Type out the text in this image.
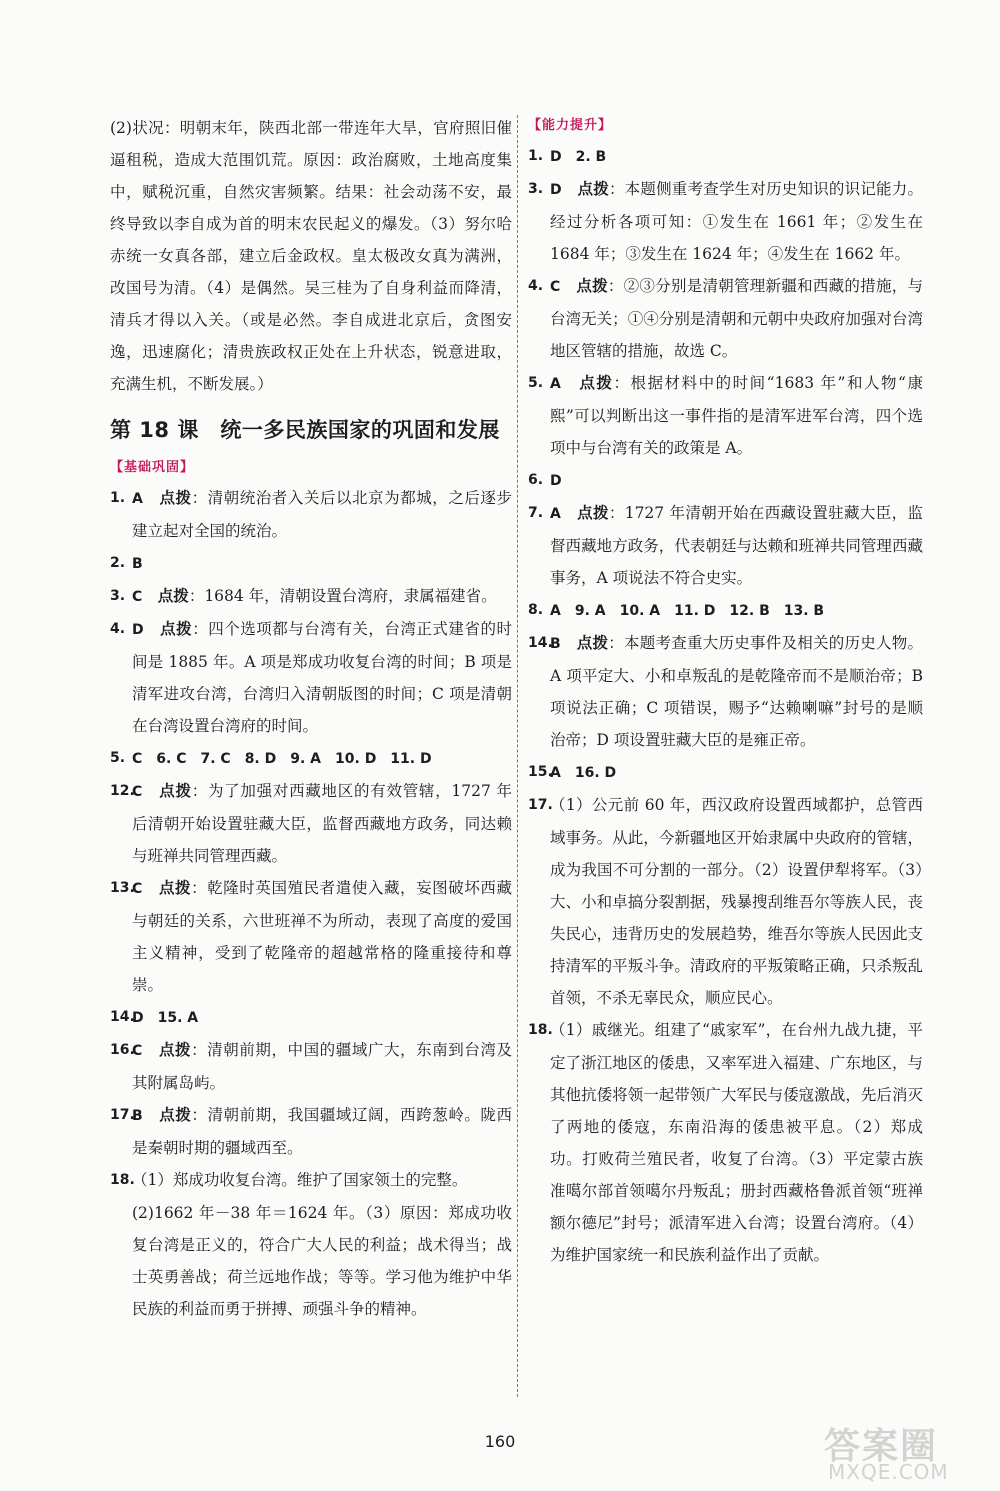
(2)状况：明朝末年，陕西北部一带连年大旱，官府照旧催逼租税，造成大范围饥荒。原因：政治腐败，土地高度集中，赋税沉重，自然灾害频繁。结果：社会动荡不安，最终导致以李自成为首的明末农民起义的爆发。（3）努尔哈赤统一女真各部，建立后金政权。皇太极改女真为满洲，改国号为清。（4）是偶然。吴三桂为了自身利益而降清，清兵才得以入关。（或是必然。李自成进北京后，贪图安逸，迅速腐化；清贵族政权正处在上升状态，锐意进取，充满生机，不断发展。）

第 18 课　统一多民族国家的巩固和发展
【基础巩固】

1. A　 点拨：清朝统治者入关后以北京为都城，之后逐步建立起对全国的统治。

2. B

3. C　 点拨：1684 年，清朝设置台湾府，隶属福建省。

4. D　 点拨：四个选项都与台湾有关，台湾正式建省的时间是 1885 年。A 项是郑成功收复台湾的时间；B 项是清军进攻台湾，台湾归入清朝版图的时间；C 项是清朝在台湾设置台湾府的时间。

5. C　6. C　7. C　8. D　9. A　10. D　11. D

12.
C　 点拨：为了加强对西藏地区的有效管辖，1727 年后清朝开始设置驻藏大臣，监督西藏地方政务，同达赖与班禅共同管理西藏。

13.
C　 点拨：乾隆时英国殖民者遣使入藏，妄图破坏西藏与朝廷的关系，六世班禅不为所动，表现了高度的爱国主义精神，受到了乾隆帝的超越常格的隆重接待和尊崇。

14.
D　15. A

16.
C　 点拨：清朝前期，中国的疆域广大，东南到台湾及其附属岛屿。

17.
B　 点拨：清朝前期，我国疆域辽阔，西跨葱岭。陇西是秦朝时期的疆域西至。

18.
（1）郑成功收复台湾。维护了国家领土的完整。

(2)1662 年－38 年＝1624 年。（3）原因：郑成功收复台湾是正义的，符合广大人民的利益；战术得当；战士英勇善战；荷兰远地作战；等等。学习他为维护中华民族的利益而勇于拼搏、顽强斗争的精神。

【能力提升】

1. D　2. B

3. D　 点拨：本题侧重考查学生对历史知识的识记能力。经过分析各项可知：①发生在 1661 年；②发生在 1684 年；③发生在 1624 年；④发生在 1662 年。

4. C　 点拨：②③分别是清朝管理新疆和西藏的措施，与台湾无关；①④分别是清朝和元朝中央政府加强对台湾地区管辖的措施，故选 C。

5. A　 点拨：根据材料中的时间“1683 年”和人物“康熙”可以判断出这一事件指的是清军进军台湾，四个选项中与台湾有关的政策是 A。

6. D

7. A　 点拨：1727 年清朝开始在西藏设置驻藏大臣，监督西藏地方政务，代表朝廷与达赖和班禅共同管理西藏事务，A 项说法不符合史实。

8. A　9. A　10. A　11. D　12. B　13. B

14.
B　 点拨：本题考查重大历史事件及相关的历史人物。A 项平定大、小和卓叛乱的是乾隆帝而不是顺治帝；B 项说法正确；C 项错误，赐予“达赖喇嘛”封号的是顺治帝；D 项设置驻藏大臣的是雍正帝。

15.
A　16. D

17.
（1）公元前 60 年，西汉政府设置西域都护，总管西域事务。从此，今新疆地区开始隶属中央政府的管辖，成为我国不可分割的一部分。（2）设置伊犁将军。（3）大、小和卓搞分裂割据，残暴搜刮维吾尔等族人民，丧失民心，违背历史的发展趋势，维吾尔等族人民因此支持清军的平叛斗争。清政府的平叛策略正确，只杀叛乱首领，不杀无辜民众，顺应民心。

18.
（1）戚继光。组建了“戚家军”，在台州九战九捷，平定了浙江地区的倭患，又率军进入福建、广东地区，与其他抗倭将领一起带领广大军民与倭寇激战，先后消灭了两地的倭寇，东南沿海的倭患被平息。（2）郑成功。打败荷兰殖民者，收复了台湾。（3）平定蒙古族准噶尔部首领噶尔丹叛乱；册封西藏格鲁派首领“班禅额尔德尼”封号；派清军进入台湾；设置台湾府。（4）为维护国家统一和民族利益作出了贡献。

160	答案圈
MXQE.COM
